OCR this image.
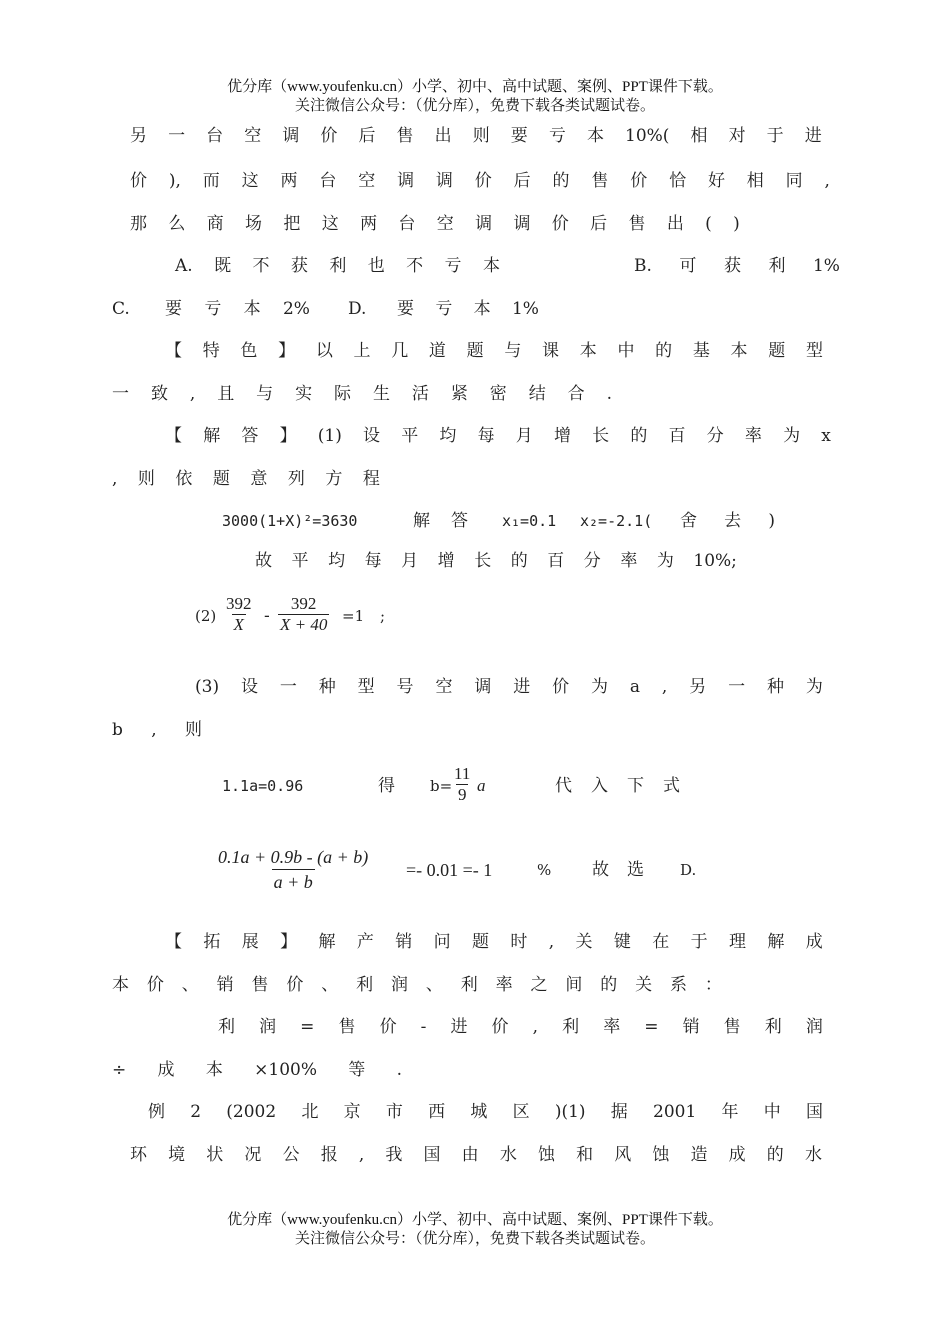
优分库（www.youfenku.cn）小学、初中、高中试题、案例、PPT课件下载。
关注微信公众号：（优分库），免费下载各类试题试卷。
另 一 台 空 调 价 后 售 出 则 要 亏 本 10%( 相 对 于 进
价 ), 而 这 两 台 空 调 调 价 后 的 售 价 恰 好 相 同 ,
那 么 商 场 把 这 两 台 空 调 调 价 后 售 出 ( )
A. 既 不 获 利 也 不 亏 本	B. 可 获 利 1%
C. 要 亏 本 2% D. 要 亏 本 1%
【 特 色 】 以 上 几 道 题 与 课 本 中 的 基 本 题 型
一 致 , 且 与 实 际 生 活 紧 密 结 合 .
【 解 答 】 (1) 设 平 均 每 月 增 长 的 百 分 率 为 x
, 则 依 题 意 列 方 程
3000(1+X)²=3630	解 答 x₁=0.1 x₂=-2.1( 舍 去 )
故 平 均 每 月 增 长 的 百 分 率 为 10%;
$(2) \frac{392}{X} - \frac{392}{X + 40} =1$ ;
(3) 设 一 种 型 号 空 调 进 价 为 a , 另 一 种 为
b , 则
1.1a=0.96	得 $b= \frac{11}{9}$ a	代 入 下 式
$\frac{0.1a + 0.9b - (a + b)}{a + b} =- 0.01 =- 1$	% 故 选 D.
【 拓 展 】 解 产 销 问 题 时 , 关 键 在 于 理 解 成
本 价 、 销 售 价 、 利 润 、 利 率 之 间 的 关 系 ：
利 润 = 售 价 - 进 价 , 利 率 = 销 售 利 润
÷ 成 本 ×100% 等 .
例 2 (2002 北 京 市 西 城 区 )(1) 据 2001 年 中 国
环 境 状 况 公 报 , 我 国 由 水 蚀 和 风 蚀 造 成 的 水
优分库（www.youfenku.cn）小学、初中、高中试题、案例、PPT课件下载。
关注微信公众号：（优分库），免费下载各类试题试卷。
